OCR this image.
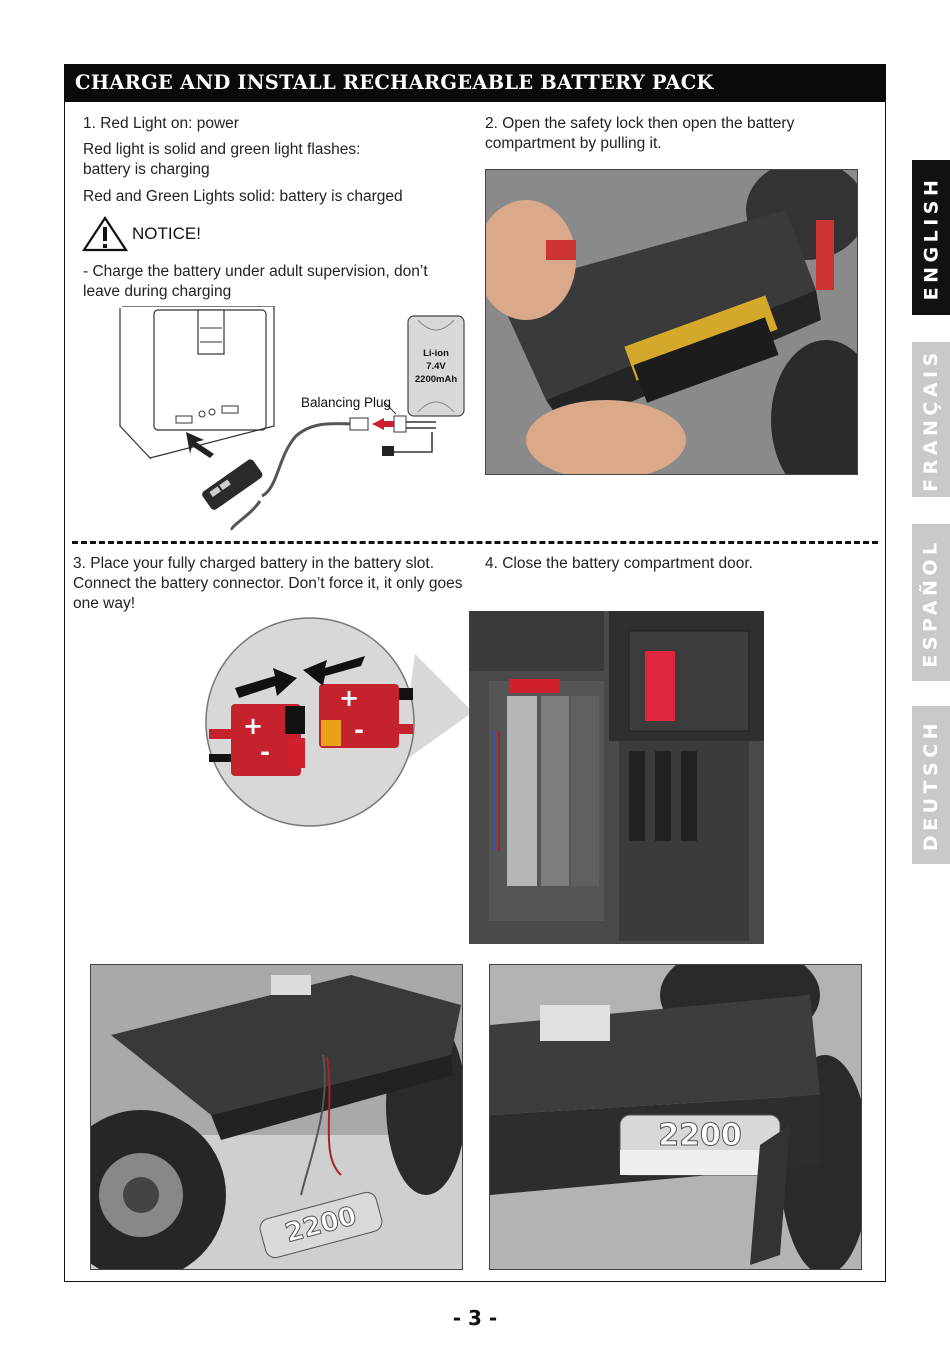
CHARGE AND INSTALL RECHARGEABLE BATTERY PACK

1. Red Light on: power

Red light is solid and green light flashes:

battery is charging

Red and Green Lights solid: battery is charged

NOTICE!
- Charge the battery under adult supervision, don’t leave during charging
Li-ion
7.4V
2200mAh
Balancing Plug
2. Open the safety lock then open the battery compartment by pulling it.
3. Place your fully charged battery in the battery slot. Connect the battery connector. Don’t force it, it only goes one way!
4. Close the battery compartment door.
+
-
+
-
2200
2200
ENGLISH
FRANÇAIS
ESPAÑOL
DEUTSCH
- 3 -
